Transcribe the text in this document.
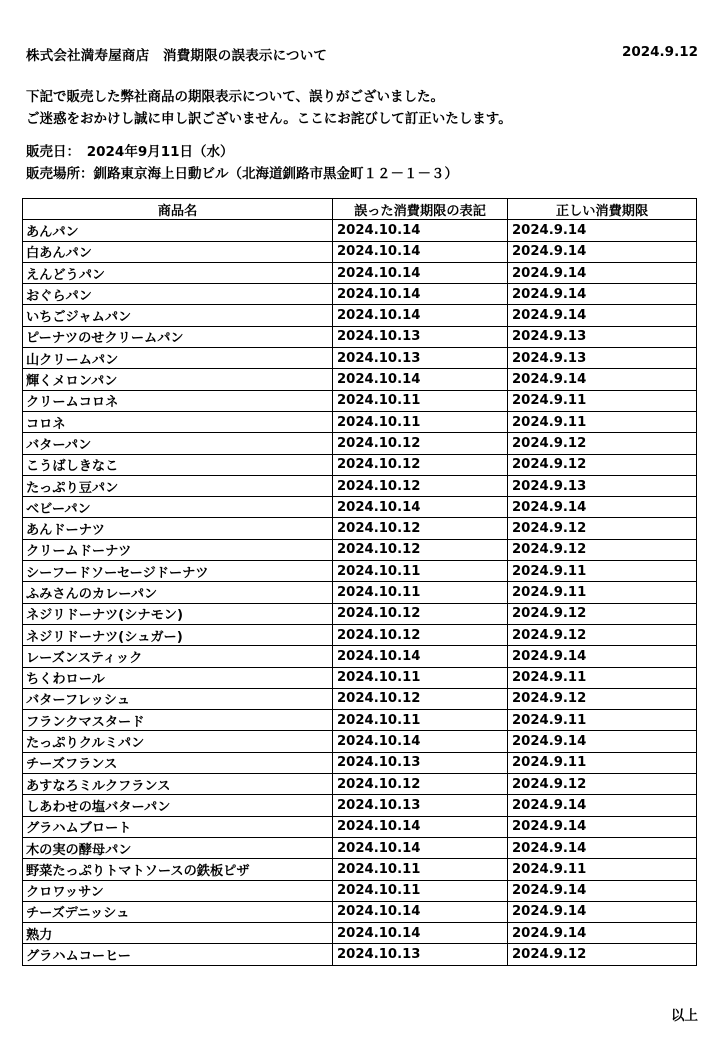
株式会社満寿屋商店　消費期限の誤表示について	2024.9.12
下記で販売した弊社商品の期限表示について、誤りがございました。
ご迷惑をおかけし誠に申し訳ございません。ここにお詫びして訂正いたします。
販売日：　2024年9月11日（水）
販売場所：釧路東京海上日動ビル（北海道釧路市黒金町１２－１－３）
商品名	誤った消費期限の表記	正しい消費期限
あんパン	2024.10.14	2024.9.14
白あんパン	2024.10.14	2024.9.14
えんどうパン	2024.10.14	2024.9.14
おぐらパン	2024.10.14	2024.9.14
いちごジャムパン	2024.10.14	2024.9.14
ピーナツのせクリームパン	2024.10.13	2024.9.13
山クリームパン	2024.10.13	2024.9.13
輝くメロンパン	2024.10.14	2024.9.14
クリームコロネ	2024.10.11	2024.9.11
コロネ	2024.10.11	2024.9.11
バターパン	2024.10.12	2024.9.12
こうばしきなこ	2024.10.12	2024.9.12
たっぷり豆パン	2024.10.12	2024.9.13
ベビーパン	2024.10.14	2024.9.14
あんドーナツ	2024.10.12	2024.9.12
クリームドーナツ	2024.10.12	2024.9.12
シーフードソーセージドーナツ	2024.10.11	2024.9.11
ふみさんのカレーパン	2024.10.11	2024.9.11
ネジリドーナツ(シナモン)	2024.10.12	2024.9.12
ネジリドーナツ(シュガー)	2024.10.12	2024.9.12
レーズンスティック	2024.10.14	2024.9.14
ちくわロール	2024.10.11	2024.9.11
バターフレッシュ	2024.10.12	2024.9.12
フランクマスタード	2024.10.11	2024.9.11
たっぷりクルミパン	2024.10.14	2024.9.14
チーズフランス	2024.10.13	2024.9.11
あすなろミルクフランス	2024.10.12	2024.9.12
しあわせの塩バターパン	2024.10.13	2024.9.14
グラハムブロート	2024.10.14	2024.9.14
木の実の酵母パン	2024.10.14	2024.9.14
野菜たっぷりトマトソースの鉄板ピザ	2024.10.11	2024.9.11
クロワッサン	2024.10.11	2024.9.14
チーズデニッシュ	2024.10.14	2024.9.14
熟力	2024.10.14	2024.9.14
グラハムコーヒー	2024.10.13	2024.9.12
以上
